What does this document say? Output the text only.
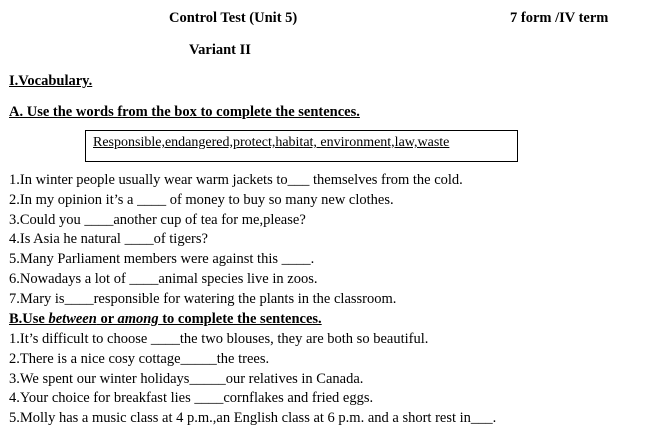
Control Test (Unit 5)	7 form /IV term
Variant II
I.Vocabulary.
A. Use the words from the box to complete the sentences.
Responsible,endangered,protect,habitat, environment,law,waste
1.In winter people usually wear warm jackets to___ themselves from the cold.
2.In my opinion it’s a ____ of money to buy so many new clothes.
3.Could you ____another cup of tea for me,please?
4.Is Asia he natural ____of tigers?
5.Many Parliament members were against this ____.
6.Nowadays a lot of ____animal species live in zoos.
7.Mary is____responsible for watering the plants in the classroom.
B.Use between or among to complete the sentences.
1.It’s difficult to choose ____the two blouses, they are both so beautiful.
2.There is a nice cosy cottage_____the trees.
3.We spent our winter holidays_____our relatives in Canada.
4.Your choice for breakfast lies ____cornflakes and fried eggs.
5.Molly has a music class at 4 p.m.,an English class at 6 p.m. and a short rest in___.
